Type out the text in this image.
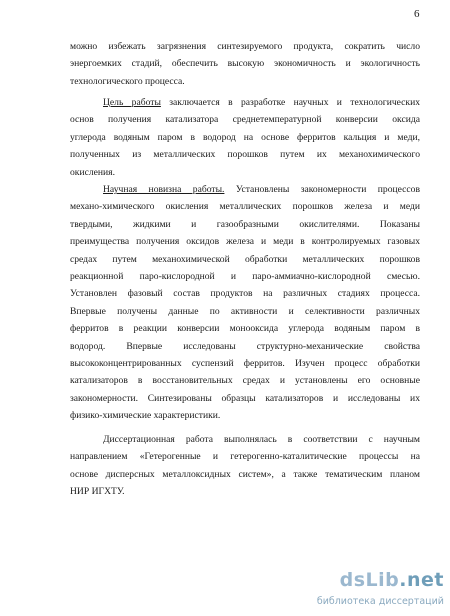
6
можно избежать загрязнения синтезируемого продукта, сократить число
энергоемких стадий, обеспечить высокую экономичность и экологичность
технологического процесса.
Цель работы заключается в разработке научных и технологических
основ получения катализатора среднетемпературной конверсии оксида
углерода водяным паром в водород на основе ферритов кальция и меди,
полученных из металлических порошков путем их механохимического
окисления.
Научная новизна работы. Установлены закономерности процессов
механо-химического окисления металлических порошков железа и меди
твердыми, жидкими и газообразными окислителями. Показаны
преимущества получения оксидов железа и меди в контролируемых газовых
средах путем механохимической обработки металлических порошков
реакционной паро-кислородной и паро-аммиачно-кислородной смесью.
Установлен фазовый состав продуктов на различных стадиях процесса.
Впервые получены данные по активности и селективности различных
ферритов в реакции конверсии монооксида углерода водяным паром в
водород. Впервые исследованы структурно-механические свойства
высококонцентрированных суспензий ферритов. Изучен процесс обработки
катализаторов в восстановительных средах и установлены его основные
закономерности. Синтезированы образцы катализаторов и исследованы их
физико-химические характеристики.
Диссертационная работа выполнялась в соответствии с научным
направлением «Гетерогенные и гетерогенно-каталитические процессы на
основе дисперсных металлоксидных систем», а также тематическим планом
НИР ИГХТУ.
dsLib.net
библиотека диссертаций
